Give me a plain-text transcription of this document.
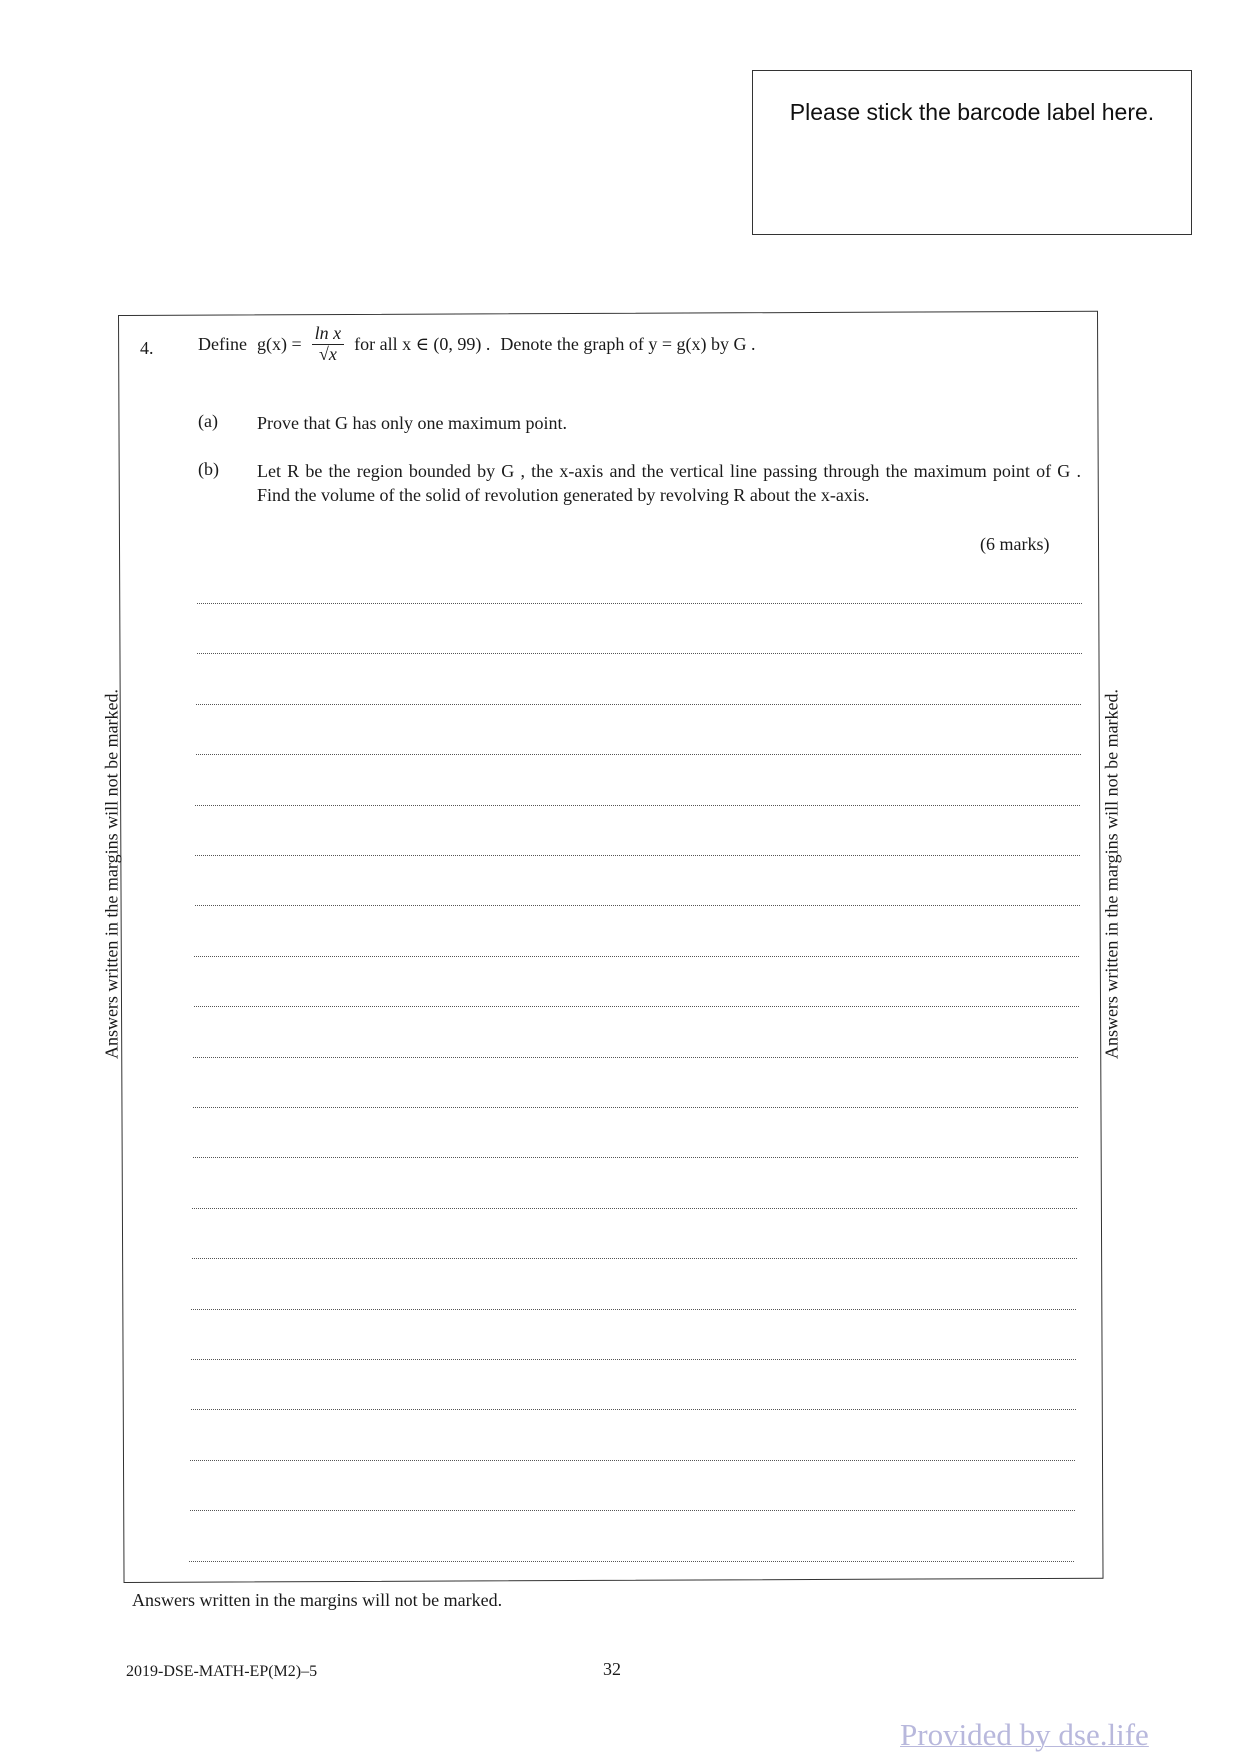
Please stick the barcode label here.
Answers written in the margins will not be marked.	Answers written in the margins will not be marked.
4. Define $g(x) = \frac{\text{ln x}}{√x}$ for all x ∈ (0, 99) . Denote the graph of y = g(x) by G .
(a) Prove that G has only one maximum point.
(b) Let R be the region bounded by G , the x-axis and the vertical line passing through the maximum point of G . Find the volume of the solid of revolution generated by revolving R about the x-axis.
(6 marks)
Answers written in the margins will not be marked.
2019-DSE-MATH-EP(M2)–5	32
Provided by dse.life
